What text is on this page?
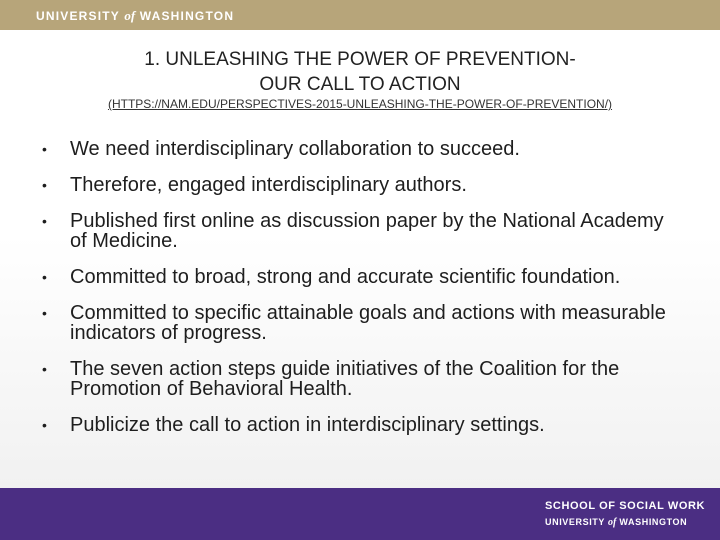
UNIVERSITY of WASHINGTON
1. UNLEASHING THE POWER OF PREVENTION-
OUR CALL TO ACTION
(HTTPS://NAM.EDU/PERSPECTIVES-2015-UNLEASHING-THE-POWER-OF-PREVENTION/)
• We need interdisciplinary collaboration to succeed.
• Therefore, engaged interdisciplinary authors.
• Published first online as discussion paper by the National Academy of Medicine.
• Committed to broad, strong and accurate scientific foundation.
• Committed to specific attainable goals and actions with measurable indicators of progress.
• The seven action steps guide initiatives of the Coalition for the Promotion of Behavioral Health.
• Publicize the call to action in interdisciplinary settings.
SCHOOL OF SOCIAL WORK
UNIVERSITY of WASHINGTON
